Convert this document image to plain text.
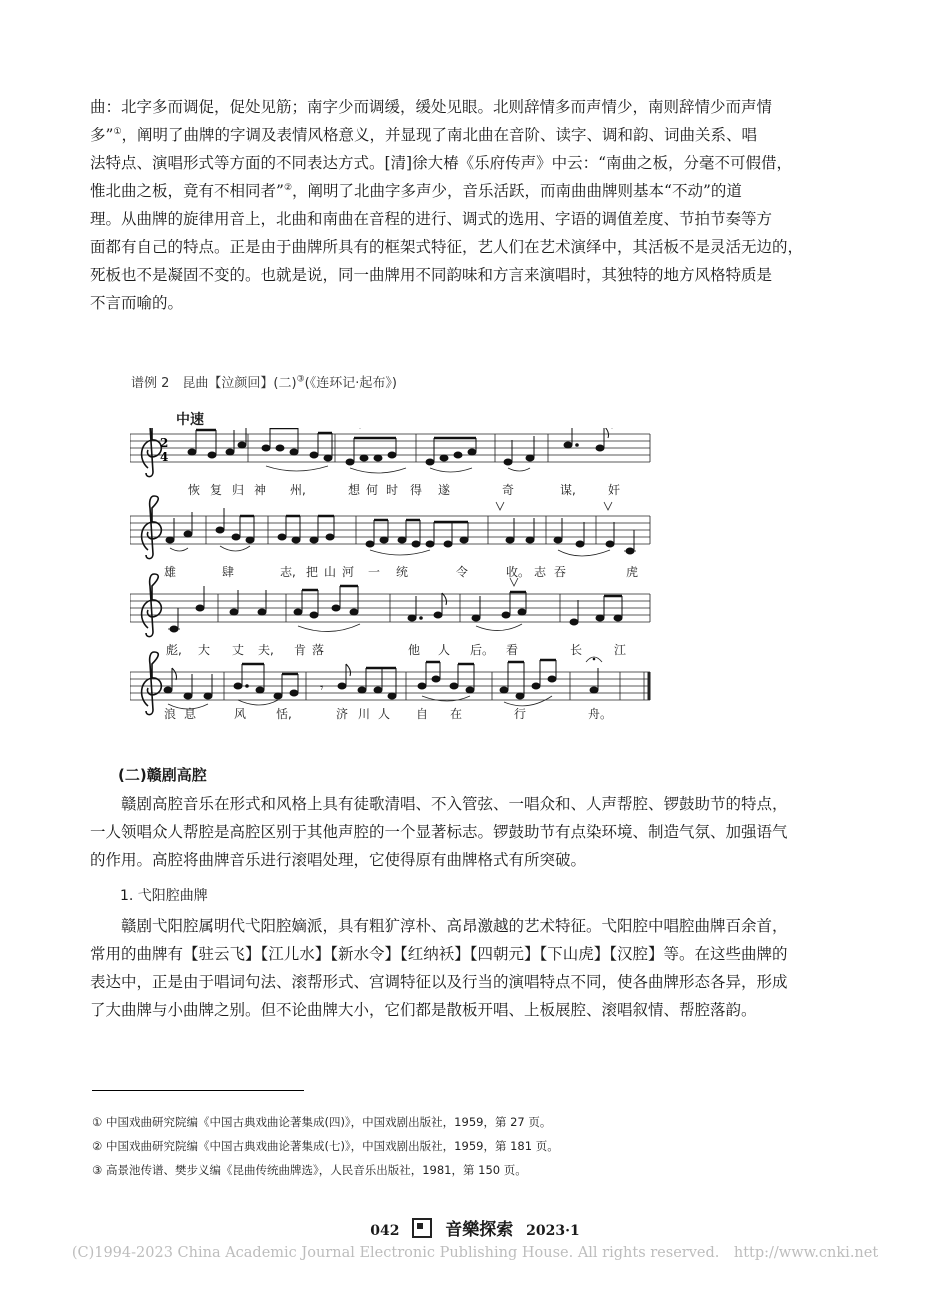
曲：北字多而调促，促处见筋；南字少而调缓，缓处见眼。北则辞情多而声情少，南则辞情少而声情
多”①，阐明了曲牌的字调及表情风格意义，并显现了南北曲在音阶、读字、调和韵、词曲关系、唱
法特点、演唱形式等方面的不同表达方式。[清]徐大椿《乐府传声》中云：“南曲之板，分毫不可假借，
惟北曲之板，竟有不相同者”②，阐明了北曲字多声少，音乐活跃，而南曲曲牌则基本“不动”的道
理。从曲牌的旋律用音上，北曲和南曲在音程的进行、调式的选用、字语的调值差度、节拍节奏等方
面都有自己的特点。正是由于曲牌所具有的框架式特征，艺人们在艺术演绎中，其活板不是灵活无边的，
死板也不是凝固不变的。也就是说，同一曲牌用不同韵味和方言来演唱时，其独特的地方风格特质是
不言而喻的。
谱例 2　昆曲【泣颜回】(二)③(《连环记·起布》)
中速
2
4
𝄾
恢 复 归 神 州,	想 何 时 得 遂	奇	谋,	奸
雄	肆	志, 把 山 河 一 统	令	收。 志 吞	虎
彪, 大 丈 夫, 肯 落	他 人 后。 看	长	江
浪 息	风 恬,	济 川 人 自 在	行	舟。
(二)赣剧高腔
赣剧高腔音乐在形式和风格上具有徒歌清唱、不入管弦、一唱众和、人声帮腔、锣鼓助节的特点，
一人领唱众人帮腔是高腔区别于其他声腔的一个显著标志。锣鼓助节有点染环境、制造气氛、加强语气
的作用。高腔将曲牌音乐进行滚唱处理，它使得原有曲牌格式有所突破。
1. 弋阳腔曲牌
赣剧弋阳腔属明代弋阳腔嫡派，具有粗犷淳朴、高昂激越的艺术特征。弋阳腔中唱腔曲牌百余首，
常用的曲牌有【驻云飞】【江儿水】【新水令】【红纳袄】【四朝元】【下山虎】【汉腔】等。在这些曲牌的
表达中，正是由于唱词句法、滚帮形式、宫调特征以及行当的演唱特点不同，使各曲牌形态各异，形成
了大曲牌与小曲牌之别。但不论曲牌大小，它们都是散板开唱、上板展腔、滚唱叙情、帮腔落韵。
① 中国戏曲研究院编《中国古典戏曲论著集成(四)》，中国戏剧出版社，1959，第 27 页。
② 中国戏曲研究院编《中国古典戏曲论著集成(七)》，中国戏剧出版社，1959，第 181 页。
③ 高景池传谱、樊步义编《昆曲传统曲牌选》，人民音乐出版社，1981，第 150 页。
042	音樂探索 2023·1
(C)1994-2023 China Academic Journal Electronic Publishing House. All rights reserved.　http://www.cnki.net
